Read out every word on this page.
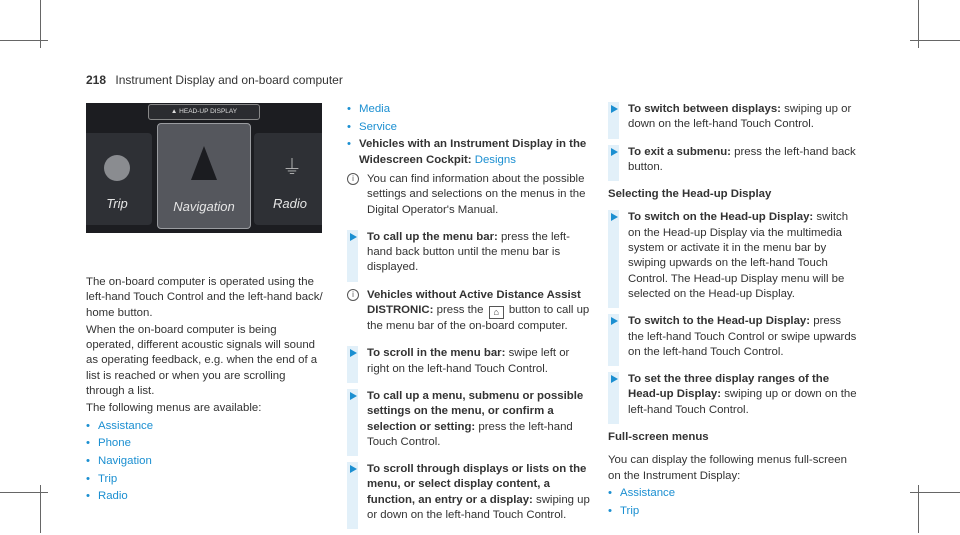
218 Instrument Display and on-board computer
▲ HEAD-UP DISPLAY
Trip	Navigation
⏚
Radio

The on-board computer is operated using the left-hand Touch Control and the left-hand back/ home button.

When the on-board computer is being operated, different acoustic signals will sound as operating feedback, e.g. when the end of a list is reached or when you are scrolling through a list.

The following menus are available:

• Assistance
• Phone
• Navigation
• Trip
• Radio
• Media
• Service
• Vehicles with an Instrument Display in the Widescreen Cockpit: Designs
i	You can find information about the possible settings and selections on the menus in the Digital Operator's Manual.
To call up the menu bar: press the left-hand back button until the menu bar is displayed.
i	Vehicles without Active Distance Assist DISTRONIC: press the ⌂ button to call up the menu bar of the on-board computer.
To scroll in the menu bar: swipe left or right on the left-hand Touch Control.
To call up a menu, submenu or possible settings on the menu, or confirm a selection or setting: press the left-hand Touch Control.
To scroll through displays or lists on the menu, or select display content, a function, an entry or a display: swiping up or down on the left-hand Touch Control.
To switch between displays: swiping up or down on the left-hand Touch Control.
To exit a submenu: press the left-hand back button.
Selecting the Head-up Display
To switch on the Head-up Display: switch on the Head-up Display via the multimedia system or activate it in the menu bar by swiping upwards on the left-hand Touch Control. The Head-up Display menu will be selected on the Head-up Display.
To switch to the Head-up Display: press the left-hand Touch Control or swipe upwards on the left-hand Touch Control.
To set the three display ranges of the Head-up Display: swiping up or down on the left-hand Touch Control.
Full-screen menus

You can display the following menus full-screen on the Instrument Display:

• Assistance
• Trip
